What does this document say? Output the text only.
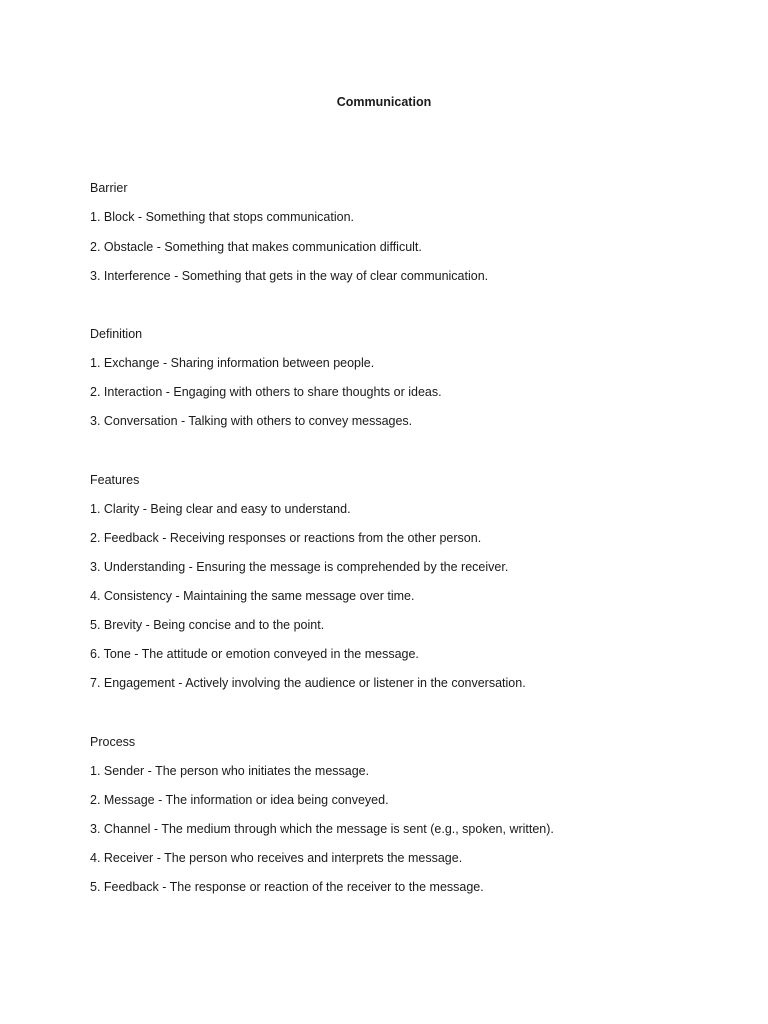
Communication
Barrier
1. Block - Something that stops communication.
2. Obstacle - Something that makes communication difficult.
3. Interference - Something that gets in the way of clear communication.
Definition
1. Exchange - Sharing information between people.
2. Interaction - Engaging with others to share thoughts or ideas.
3. Conversation - Talking with others to convey messages.
Features
1. Clarity - Being clear and easy to understand.
2. Feedback - Receiving responses or reactions from the other person.
3. Understanding - Ensuring the message is comprehended by the receiver.
4. Consistency - Maintaining the same message over time.
5. Brevity - Being concise and to the point.
6. Tone - The attitude or emotion conveyed in the message.
7. Engagement - Actively involving the audience or listener in the conversation.
Process
1. Sender - The person who initiates the message.
2. Message - The information or idea being conveyed.
3. Channel - The medium through which the message is sent (e.g., spoken, written).
4. Receiver - The person who receives and interprets the message.
5. Feedback - The response or reaction of the receiver to the message.
